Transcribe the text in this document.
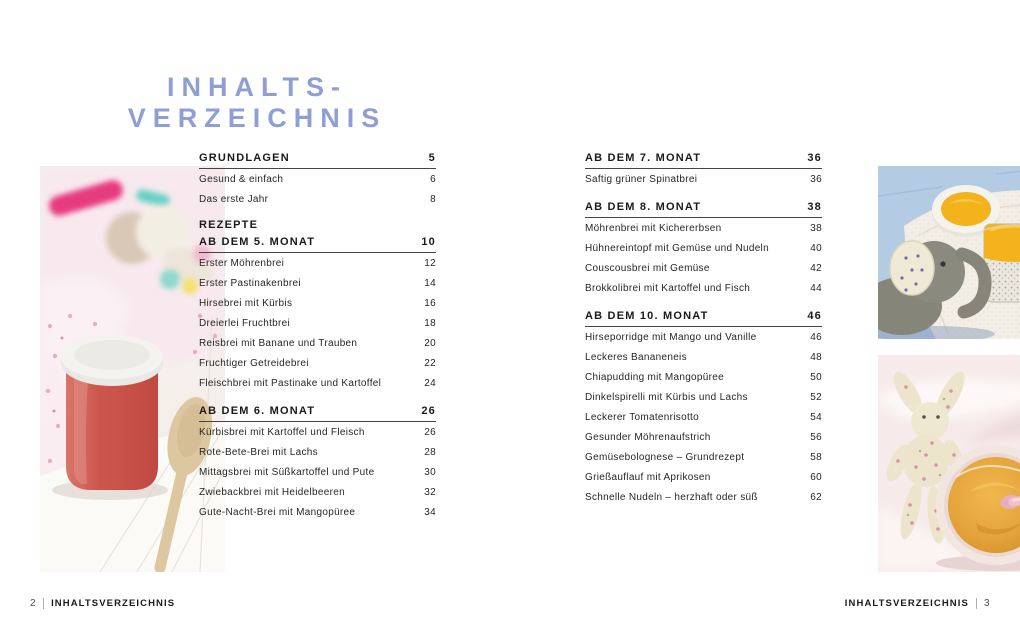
INHALTS-
VERZEICHNIS
GRUNDLAGEN	5
Gesund & einfach	6
Das erste Jahr	8
REZEPTE
AB DEM 5. MONAT	10
Erster Möhrenbrei	12
Erster Pastinakenbrei	14
Hirsebrei mit Kürbis	16
Dreierlei Fruchtbrei	18
Reisbrei mit Banane und Trauben	20
Fruchtiger Getreidebrei	22
Fleischbrei mit Pastinake und Kartoffel	24
AB DEM 6. MONAT	26
Kürbisbrei mit Kartoffel und Fleisch	26
Rote-Bete-Brei mit Lachs	28
Mittagsbrei mit Süßkartoffel und Pute	30
Zwiebackbrei mit Heidelbeeren	32
Gute-Nacht-Brei mit Mangopüree	34
AB DEM 7. MONAT	36
Saftig grüner Spinatbrei	36
AB DEM 8. MONAT	38
Möhrenbrei mit Kichererbsen	38
Hühnereintopf mit Gemüse und Nudeln	40
Couscousbrei mit Gemüse	42
Brokkolibrei mit Kartoffel und Fisch	44
AB DEM 10. MONAT	46
Hirseporridge mit Mango und Vanille	46
Leckeres Bananeneis	48
Chiapudding mit Mangopüree	50
Dinkelspirelli mit Kürbis und Lachs	52
Leckerer Tomatenrisotto	54
Gesunder Möhrenaufstrich	56
Gemüsebolognese – Grundrezept	58
Grießauflauf mit Aprikosen	60
Schnelle Nudeln – herzhaft oder süß	62
2 INHALTSVERZEICHNIS	INHALTSVERZEICHNIS 3
